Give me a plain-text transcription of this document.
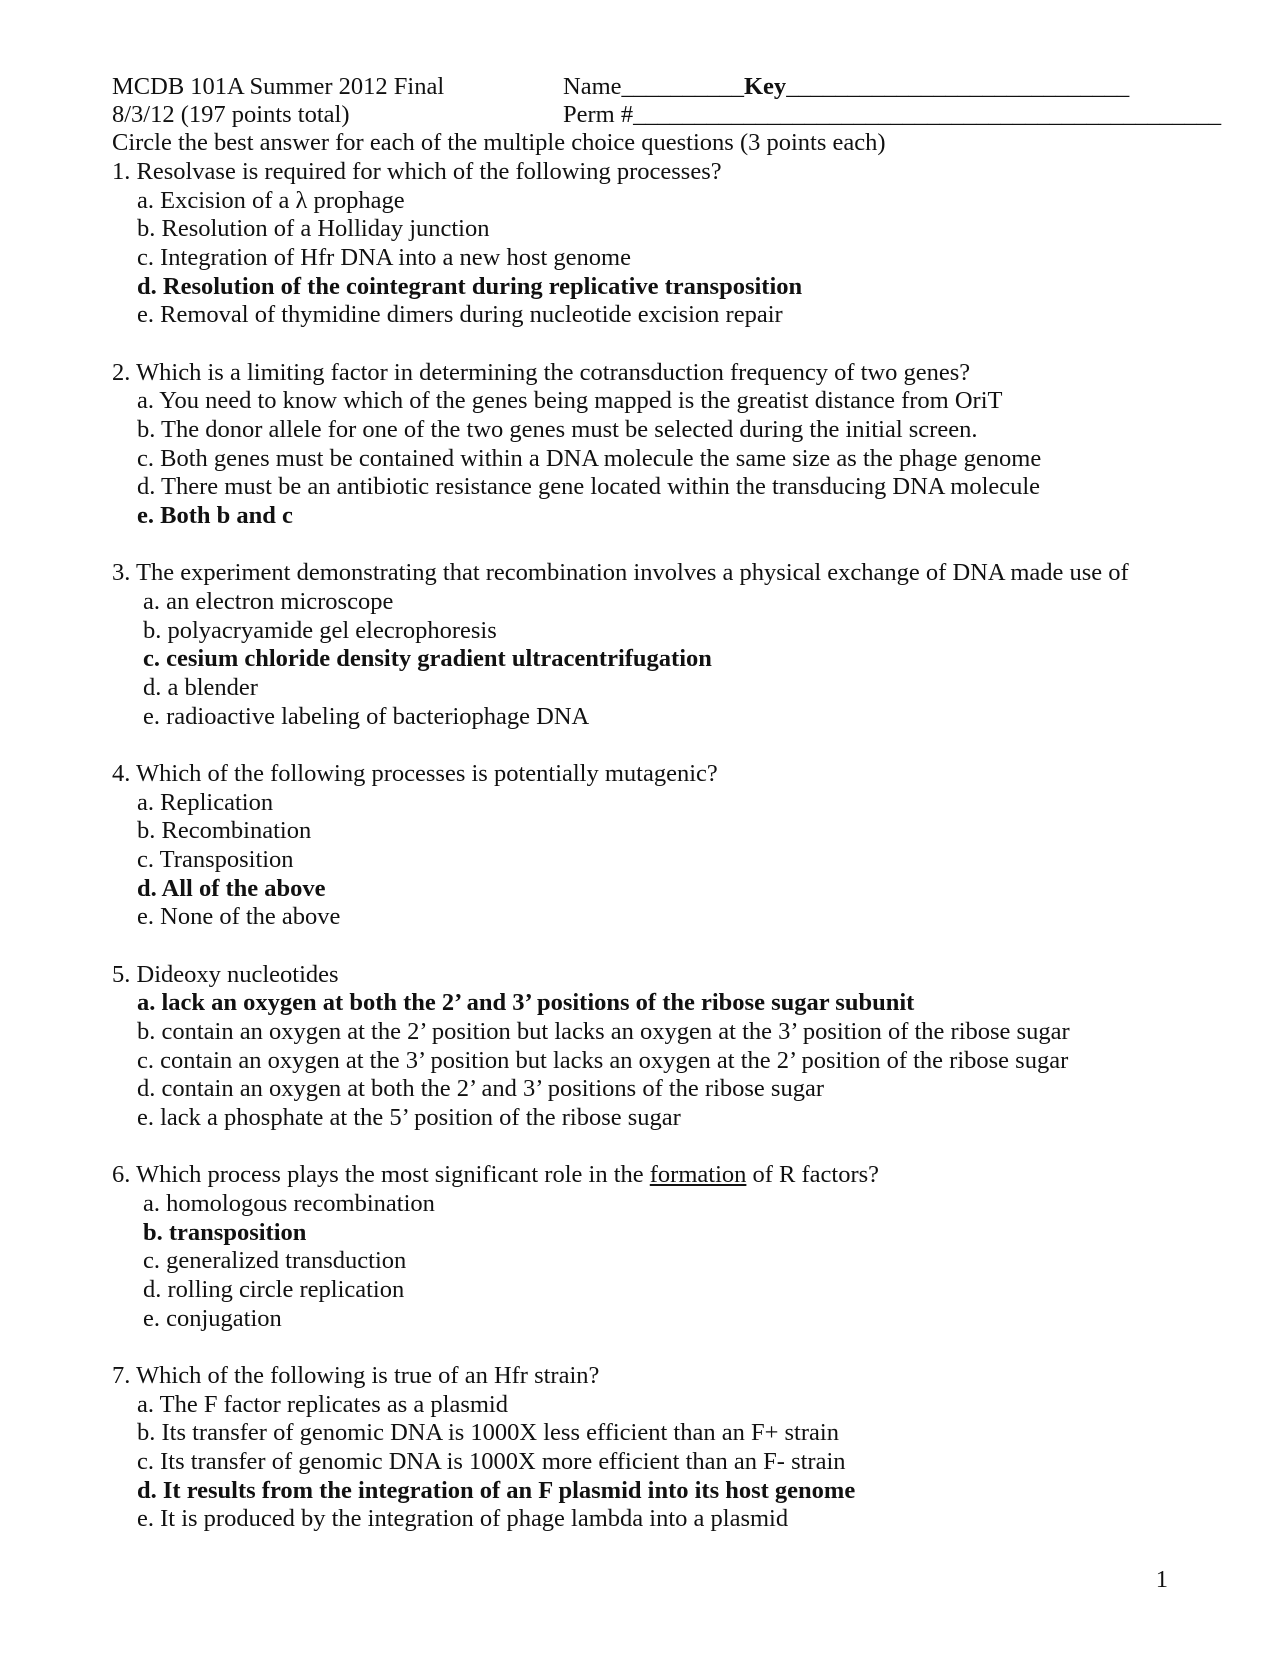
MCDB 101A Summer 2012 Final	Name__________Key____________________________
8/3/12 (197 points total)	Perm #________________________________________________
Circle the best answer for each of the multiple choice questions (3 points each)
1. Resolvase is required for which of the following processes?
a. Excision of a λ prophage
b. Resolution of a Holliday junction
c. Integration of Hfr DNA into a new host genome
d. Resolution of the cointegrant during replicative transposition
e. Removal of thymidine dimers during nucleotide excision repair
2. Which is a limiting factor in determining the cotransduction frequency of two genes?
a. You need to know which of the genes being mapped is the greatist distance from OriT
b. The donor allele for one of the two genes must be selected during the initial screen.
c. Both genes must be contained within a DNA molecule the same size as the phage genome
d. There must be an antibiotic resistance gene located within the transducing DNA molecule
e. Both b and c
3. The experiment demonstrating that recombination involves a physical exchange of DNA made use of
a. an electron microscope
b. polyacryamide gel elecrophoresis
c. cesium chloride density gradient ultracentrifugation
d. a blender
e. radioactive labeling of bacteriophage DNA
4. Which of the following processes is potentially mutagenic?
a. Replication
b. Recombination
c. Transposition
d. All of the above
e. None of the above
5. Dideoxy nucleotides
a. lack an oxygen at both the 2’ and 3’ positions of the ribose sugar subunit
b. contain an oxygen at the 2’ position but lacks an oxygen at the 3’ position of the ribose sugar
c. contain an oxygen at the 3’ position but lacks an oxygen at the 2’ position of the ribose sugar
d. contain an oxygen at both the 2’ and 3’ positions of the ribose sugar
e. lack a phosphate at the 5’ position of the ribose sugar
6. Which process plays the most significant role in the formation of R factors?
a. homologous recombination
b. transposition
c. generalized transduction
d. rolling circle replication
e. conjugation
7. Which of the following is true of an Hfr strain?
a. The F factor replicates as a plasmid
b. Its transfer of genomic DNA is 1000X less efficient than an F+ strain
c. Its transfer of genomic DNA is 1000X more efficient than an F- strain
d. It results from the integration of an F plasmid into its host genome
e. It is produced by the integration of phage lambda into a plasmid
1
